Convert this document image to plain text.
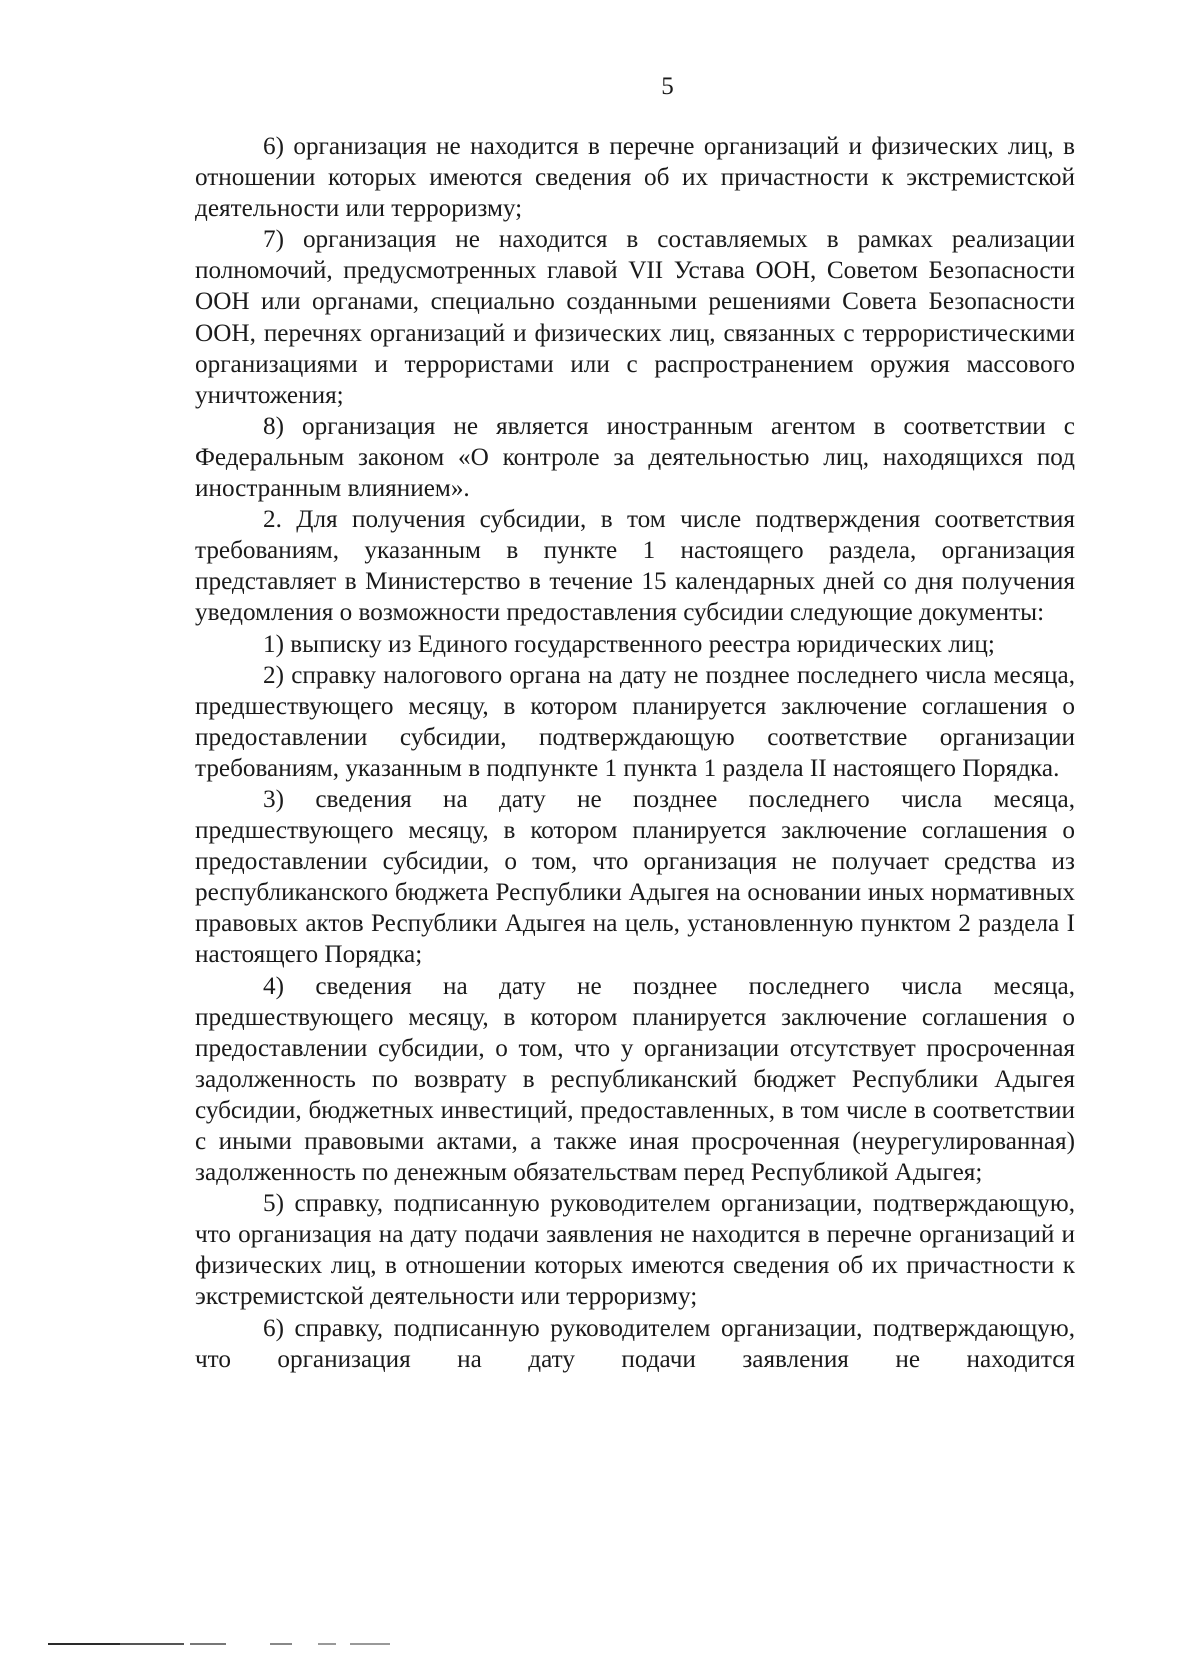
5

6) организация не находится в перечне организаций и физических лиц, в отношении которых имеются сведения об их причастности к экстремистской деятельности или терроризму;

7) организация не находится в составляемых в рамках реализации полномочий, предусмотренных главой VII Устава ООН, Советом Безопасности ООН или органами, специально созданными решениями Совета Безопасности ООН, перечнях организаций и физических лиц, связанных с террористическими организациями и террористами или с распространением оружия массового уничтожения;

8) организация не является иностранным агентом в соответствии с Федеральным законом «О контроле за деятельностью лиц, находящихся под иностранным влиянием».

2. Для получения субсидии, в том числе подтверждения соответствия требованиям, указанным в пункте 1 настоящего раздела, организация представляет в Министерство в течение 15 календарных дней со дня получения уведомления о возможности предоставления субсидии следующие документы:

1) выписку из Единого государственного реестра юридических лиц;

2) справку налогового органа на дату не позднее последнего числа месяца, предшествующего месяцу, в котором планируется заключение соглашения о предоставлении субсидии, подтверждающую соответствие организации требованиям, указанным в подпункте 1 пункта 1 раздела II настоящего Порядка.

3) сведения на дату не позднее последнего числа месяца, предшествующего месяцу, в котором планируется заключение соглашения о предоставлении субсидии, о том, что организация не получает средства из республиканского бюджета Республики Адыгея на основании иных нормативных правовых актов Республики Адыгея на цель, установленную пунктом 2 раздела I настоящего Порядка;

4) сведения на дату не позднее последнего числа месяца, предшествующего месяцу, в котором планируется заключение соглашения о предоставлении субсидии, о том, что у организации отсутствует просроченная задолженность по возврату в республиканский бюджет Республики Адыгея субсидии, бюджетных инвестиций, предоставленных, в том числе в соответствии с иными правовыми актами, а также иная просроченная (неурегулированная) задолженность по денежным обязательствам перед Республикой Адыгея;

5) справку, подписанную руководителем организации, подтверждающую, что организация на дату подачи заявления не находится в перечне организаций и физических лиц, в отношении которых имеются сведения об их причастности к экстремистской деятельности или терроризму;

6) справку, подписанную руководителем организации, подтверждающую, что организация на дату подачи заявления не находится
